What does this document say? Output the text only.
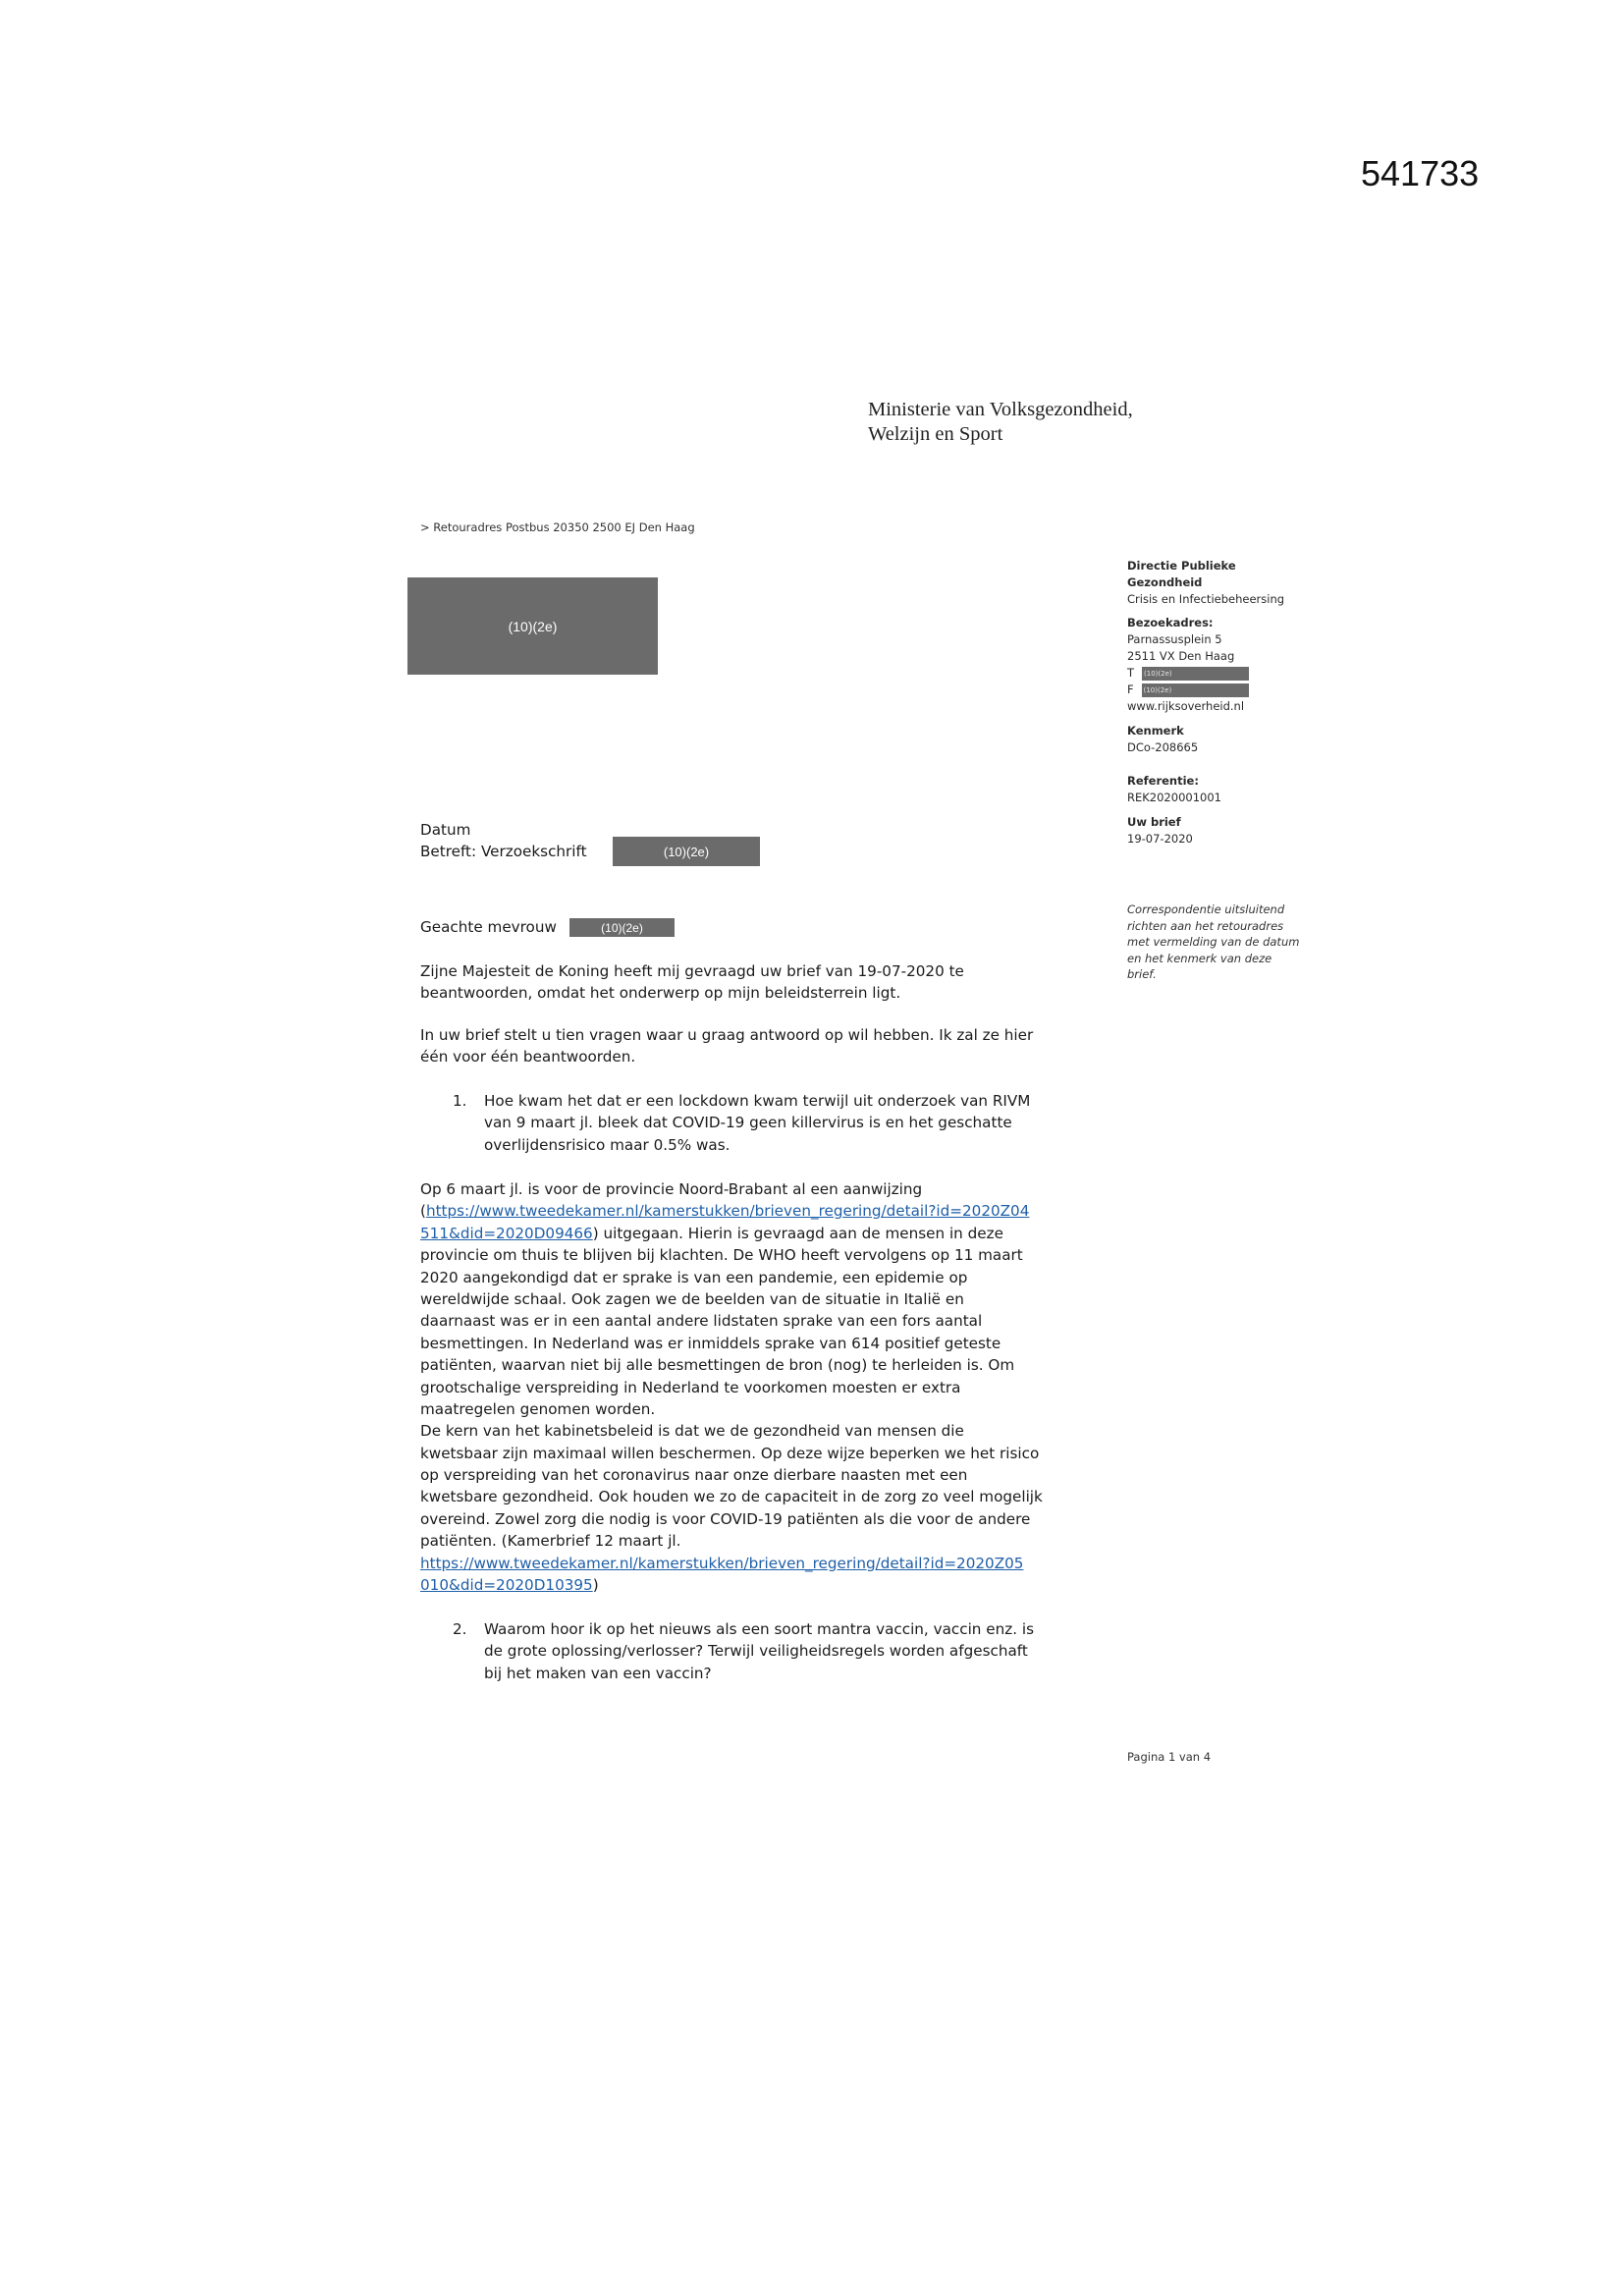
541733
Ministerie van Volksgezondheid,
Welzijn en Sport
> Retouradres Postbus 20350 2500 EJ Den Haag
(10)(2e)
Directie Publieke
Gezondheid
Crisis en Infectiebeheersing
Bezoekadres:
Parnassusplein 5
2511 VX Den Haag
T (10)(2e)
F (10)(2e)
www.rijksoverheid.nl
Kenmerk
DCo-208665
Referentie:
REK2020001001
Uw brief
19-07-2020
Correspondentie uitsluitend
richten aan het retouradres
met vermelding van de datum
en het kenmerk van deze
brief.
Datum
Betreft: Verzoekschrift	(10)(2e)
Geachte mevrouw	(10)(2e)
Zijne Majesteit de Koning heeft mij gevraagd uw brief van 19-07-2020 te
beantwoorden, omdat het onderwerp op mijn beleidsterrein ligt.
In uw brief stelt u tien vragen waar u graag antwoord op wil hebben. Ik zal ze hier
één voor één beantwoorden.
1. Hoe kwam het dat er een lockdown kwam terwijl uit onderzoek van RIVM
van 9 maart jl. bleek dat COVID-19 geen killervirus is en het geschatte
overlijdensrisico maar 0.5% was.
Op 6 maart jl. is voor de provincie Noord-Brabant al een aanwijzing
(https://www.tweedekamer.nl/kamerstukken/brieven_regering/detail?id=2020Z04
511&did=2020D09466) uitgegaan. Hierin is gevraagd aan de mensen in deze
provincie om thuis te blijven bij klachten. De WHO heeft vervolgens op 11 maart
2020 aangekondigd dat er sprake is van een pandemie, een epidemie op
wereldwijde schaal. Ook zagen we de beelden van de situatie in Italië en
daarnaast was er in een aantal andere lidstaten sprake van een fors aantal
besmettingen. In Nederland was er inmiddels sprake van 614 positief geteste
patiënten, waarvan niet bij alle besmettingen de bron (nog) te herleiden is. Om
grootschalige verspreiding in Nederland te voorkomen moesten er extra
maatregelen genomen worden.
De kern van het kabinetsbeleid is dat we de gezondheid van mensen die
kwetsbaar zijn maximaal willen beschermen. Op deze wijze beperken we het risico
op verspreiding van het coronavirus naar onze dierbare naasten met een
kwetsbare gezondheid. Ook houden we zo de capaciteit in de zorg zo veel mogelijk
overeind. Zowel zorg die nodig is voor COVID-19 patiënten als die voor de andere
patiënten. (Kamerbrief 12 maart jl.
https://www.tweedekamer.nl/kamerstukken/brieven_regering/detail?id=2020Z05
010&did=2020D10395)
2. Waarom hoor ik op het nieuws als een soort mantra vaccin, vaccin enz. is
de grote oplossing/verlosser? Terwijl veiligheidsregels worden afgeschaft
bij het maken van een vaccin?
Pagina 1 van 4
